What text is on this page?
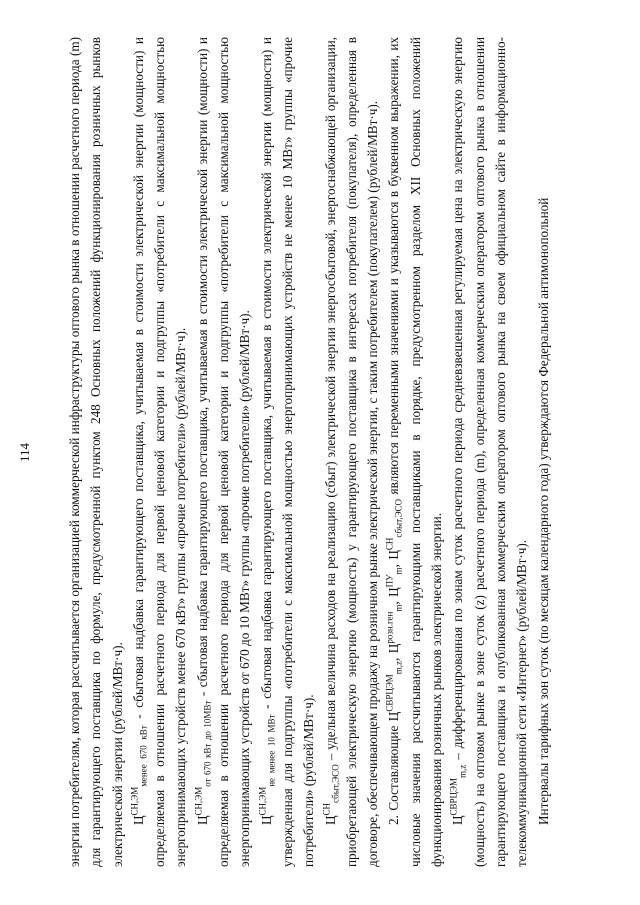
114	энергии потребителям, которая рассчитывается организацией коммерческой инфраструктуры оптового рынка в отношении расчетного периода (m) для гарантирующего поставщика по формуле, предусмотренной пунктом 248 Основных положений функционирования розничных рынков электрической энергии (рублей/МВт·ч). $Ц^{СН,ЭМ}_{менее 670 кВт}$ - сбытовая надбавка гарантирующего поставщика, учитываемая в стоимости электрической энергии (мощности) и определяемая в отношении расчетного периода для первой ценовой категории и подгруппы «потребители с максимальной мощностью энергопринимающих устройств менее 670 кВт» группы «прочие потребители» (рублей/МВт·ч). $Ц^{СН,ЭМ}_{от 670 кВт до 10МВт}$ - сбытовая надбавка гарантирующего поставщика, учитываемая в стоимости электрической энергии (мощности) и определяемая в отношении расчетного периода для первой ценовой категории и подгруппы «потребители с максимальной мощностью энергопринимающих устройств от 670 до 10 МВт» группы «прочие потребители» (рублей/МВт·ч). $Ц^{СН,ЭМ}_{не менее 10 МВт}$ - сбытовая надбавка гарантирующего поставщика, учитываемая в стоимости электрической энергии (мощности) и утвержденная для подгруппы «потребители с максимальной мощностью энергопринимающих устройств не менее 10 МВт» группы «прочие потребители» (рублей/МВт·ч). $Ц^{СН}_{сбыт,ЭСО}$ – удельная величина расходов на реализацию (сбыт) электрической энергии энергосбытовой, энергоснабжающей организации, приобретающей электрическую энергию (мощность) у гарантирующего поставщика в интересах потребителя (покупателя), определенная в договоре, обеспечивающем продажу на розничном рынке электрической энергии, с таким потребителем (покупателем) (рублей/МВт·ч). 2. Составляющие $Ц^{СВРЦЭМ}_{m,z}$, $Ц^{розн.ген}_m$, $Ц^{ПУ}_m$, $Ц^{СН}_{сбыт,ЭСО}$ являются переменными значениями и указываются в буквенном выражении, их числовые значения рассчитываются гарантирующими поставщиками в порядке, предусмотренном разделом XII Основных положений функционирования розничных рынков электрической энергии. $Ц^{СВРЦЭМ}_{m,z}$ – дифференцированная по зонам суток расчетного периода средневзвешенная регулируемая цена на электрическую энергию (мощность) на оптовом рынке в зоне суток (z) расчетного периода (m), определенная коммерческим оператором оптового рынка в отношении гарантирующего поставщика и опубликованная коммерческим оператором оптового рынка на своем официальном сайте в информационно-телекоммуникационной сети «Интернет» (рублей/МВт·ч). Интервалы тарифных зон суток (по месяцам календарного года) утверждаются Федеральной антимонопольной
